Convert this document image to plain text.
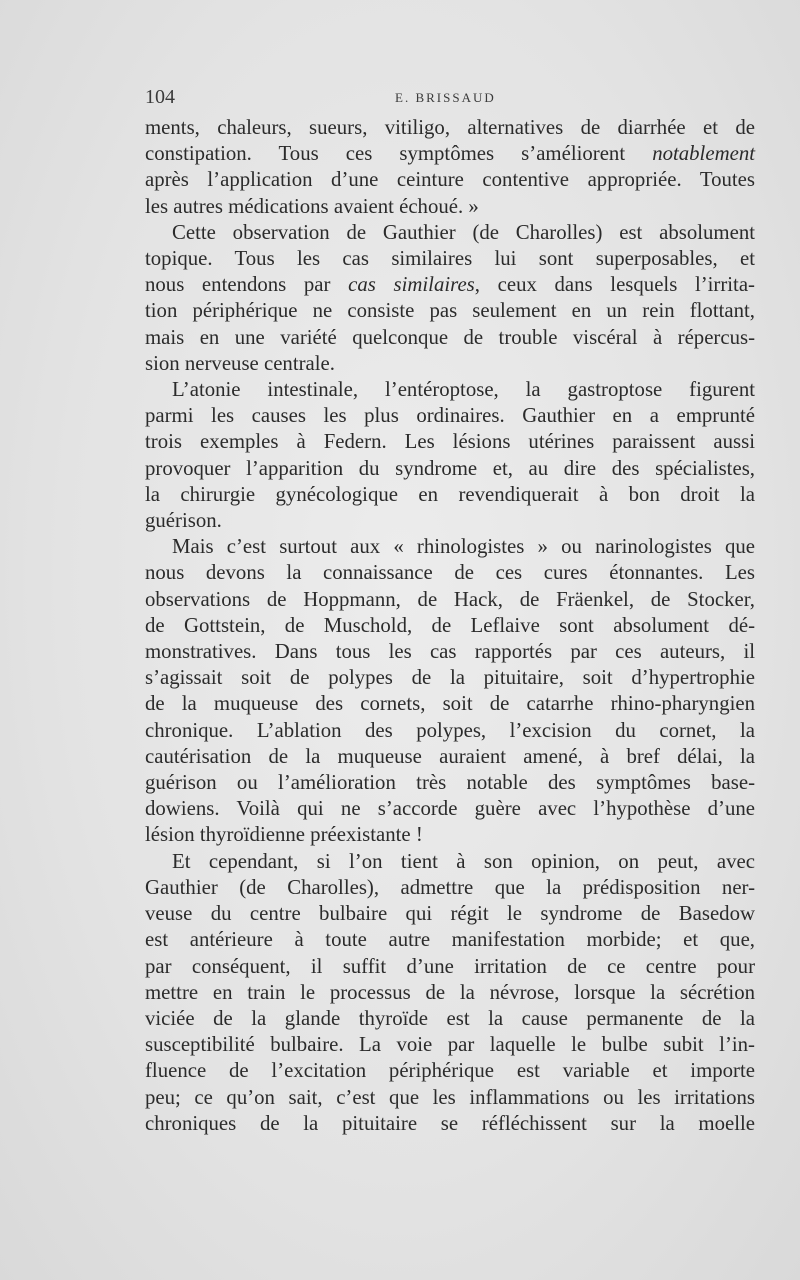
104	E. BRISSAUD
ments, chaleurs, sueurs, vitiligo, alternatives de diarrhée et de
constipation. Tous ces symptômes s’améliorent notablement
après l’application d’une ceinture contentive appropriée. Toutes
les autres médications avaient échoué. »
Cette observation de Gauthier (de Charolles) est absolument
topique. Tous les cas similaires lui sont superposables, et
nous entendons par cas similaires, ceux dans lesquels l’irrita-
tion périphérique ne consiste pas seulement en un rein flottant,
mais en une variété quelconque de trouble viscéral à répercus-
sion nerveuse centrale.
L’atonie intestinale, l’entéroptose, la gastroptose figurent
parmi les causes les plus ordinaires. Gauthier en a emprunté
trois exemples à Federn. Les lésions utérines paraissent aussi
provoquer l’apparition du syndrome et, au dire des spécialistes,
la chirurgie gynécologique en revendiquerait à bon droit la
guérison.
Mais c’est surtout aux « rhinologistes » ou narinologistes que
nous devons la connaissance de ces cures étonnantes. Les
observations de Hoppmann, de Hack, de Fräenkel, de Stocker,
de Gottstein, de Muschold, de Leflaive sont absolument dé-
monstratives. Dans tous les cas rapportés par ces auteurs, il
s’agissait soit de polypes de la pituitaire, soit d’hypertrophie
de la muqueuse des cornets, soit de catarrhe rhino-pharyngien
chronique. L’ablation des polypes, l’excision du cornet, la
cautérisation de la muqueuse auraient amené, à bref délai, la
guérison ou l’amélioration très notable des symptômes base-
dowiens. Voilà qui ne s’accorde guère avec l’hypothèse d’une
lésion thyroïdienne préexistante !
Et cependant, si l’on tient à son opinion, on peut, avec
Gauthier (de Charolles), admettre que la prédisposition ner-
veuse du centre bulbaire qui régit le syndrome de Basedow
est antérieure à toute autre manifestation morbide; et que,
par conséquent, il suffit d’une irritation de ce centre pour
mettre en train le processus de la névrose, lorsque la sécrétion
viciée de la glande thyroïde est la cause permanente de la
susceptibilité bulbaire. La voie par laquelle le bulbe subit l’in-
fluence de l’excitation périphérique est variable et importe
peu; ce qu’on sait, c’est que les inflammations ou les irritations
chroniques de la pituitaire se réfléchissent sur la moelle
